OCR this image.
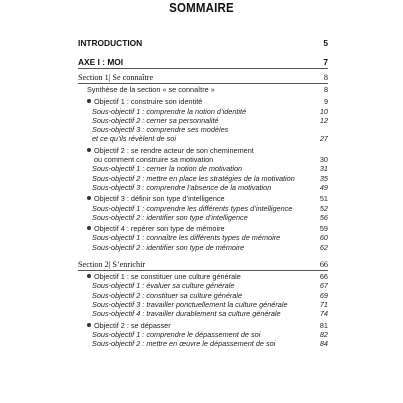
SOMMAIRE
INTRODUCTION	5
AXE I : MOI	7
Section 1| Se connaître	8
Synthèse de la section « se connaître »	8
Objectif 1 : construire son identité	9
Sous-objectif 1 : comprendre la notion d’identité	10
Sous-objectif 2 : cerner sa personnalité	12
Sous-objectif 3 : comprendre ses modèles
et ce qu’ils révèlent de soi	27
Objectif 2 : se rendre acteur de son cheminement
ou comment construire sa motivation	30
Sous-objectif 1 : cerner la notion de motivation	31
Sous-objectif 2 : mettre en place les stratégies de la motivation	35
Sous-objectif 3 : comprendre l’absence de la motivation	49
Objectif 3 : définir son type d’intelligence	51
Sous-objectif 1 : comprendre les différents types d’intelligence	52
Sous-objectif 2 : identifier son type d’intelligence	56
Objectif 4 : repérer son type de mémoire	59
Sous-objectif 1 : connaître les différents types de mémoire	60
Sous-objectif 2 : identifier son type de mémoire	62
Section 2| S’enrichir	66
Objectif 1 : se constituer une culture générale	66
Sous-objectif 1 : évaluer sa culture générale	67
Sous-objectif 2 : constituer sa culture générale	69
Sous-objectif 3 : travailler ponctuellement la culture générale	71
Sous-objectif 4 : travailler durablement sa culture générale	74
Objectif 2 : se dépasser	81
Sous-objectif 1 : comprendre le dépassement de soi	82
Sous-objectif 2 : mettre en œuvre le dépassement de soi	84
